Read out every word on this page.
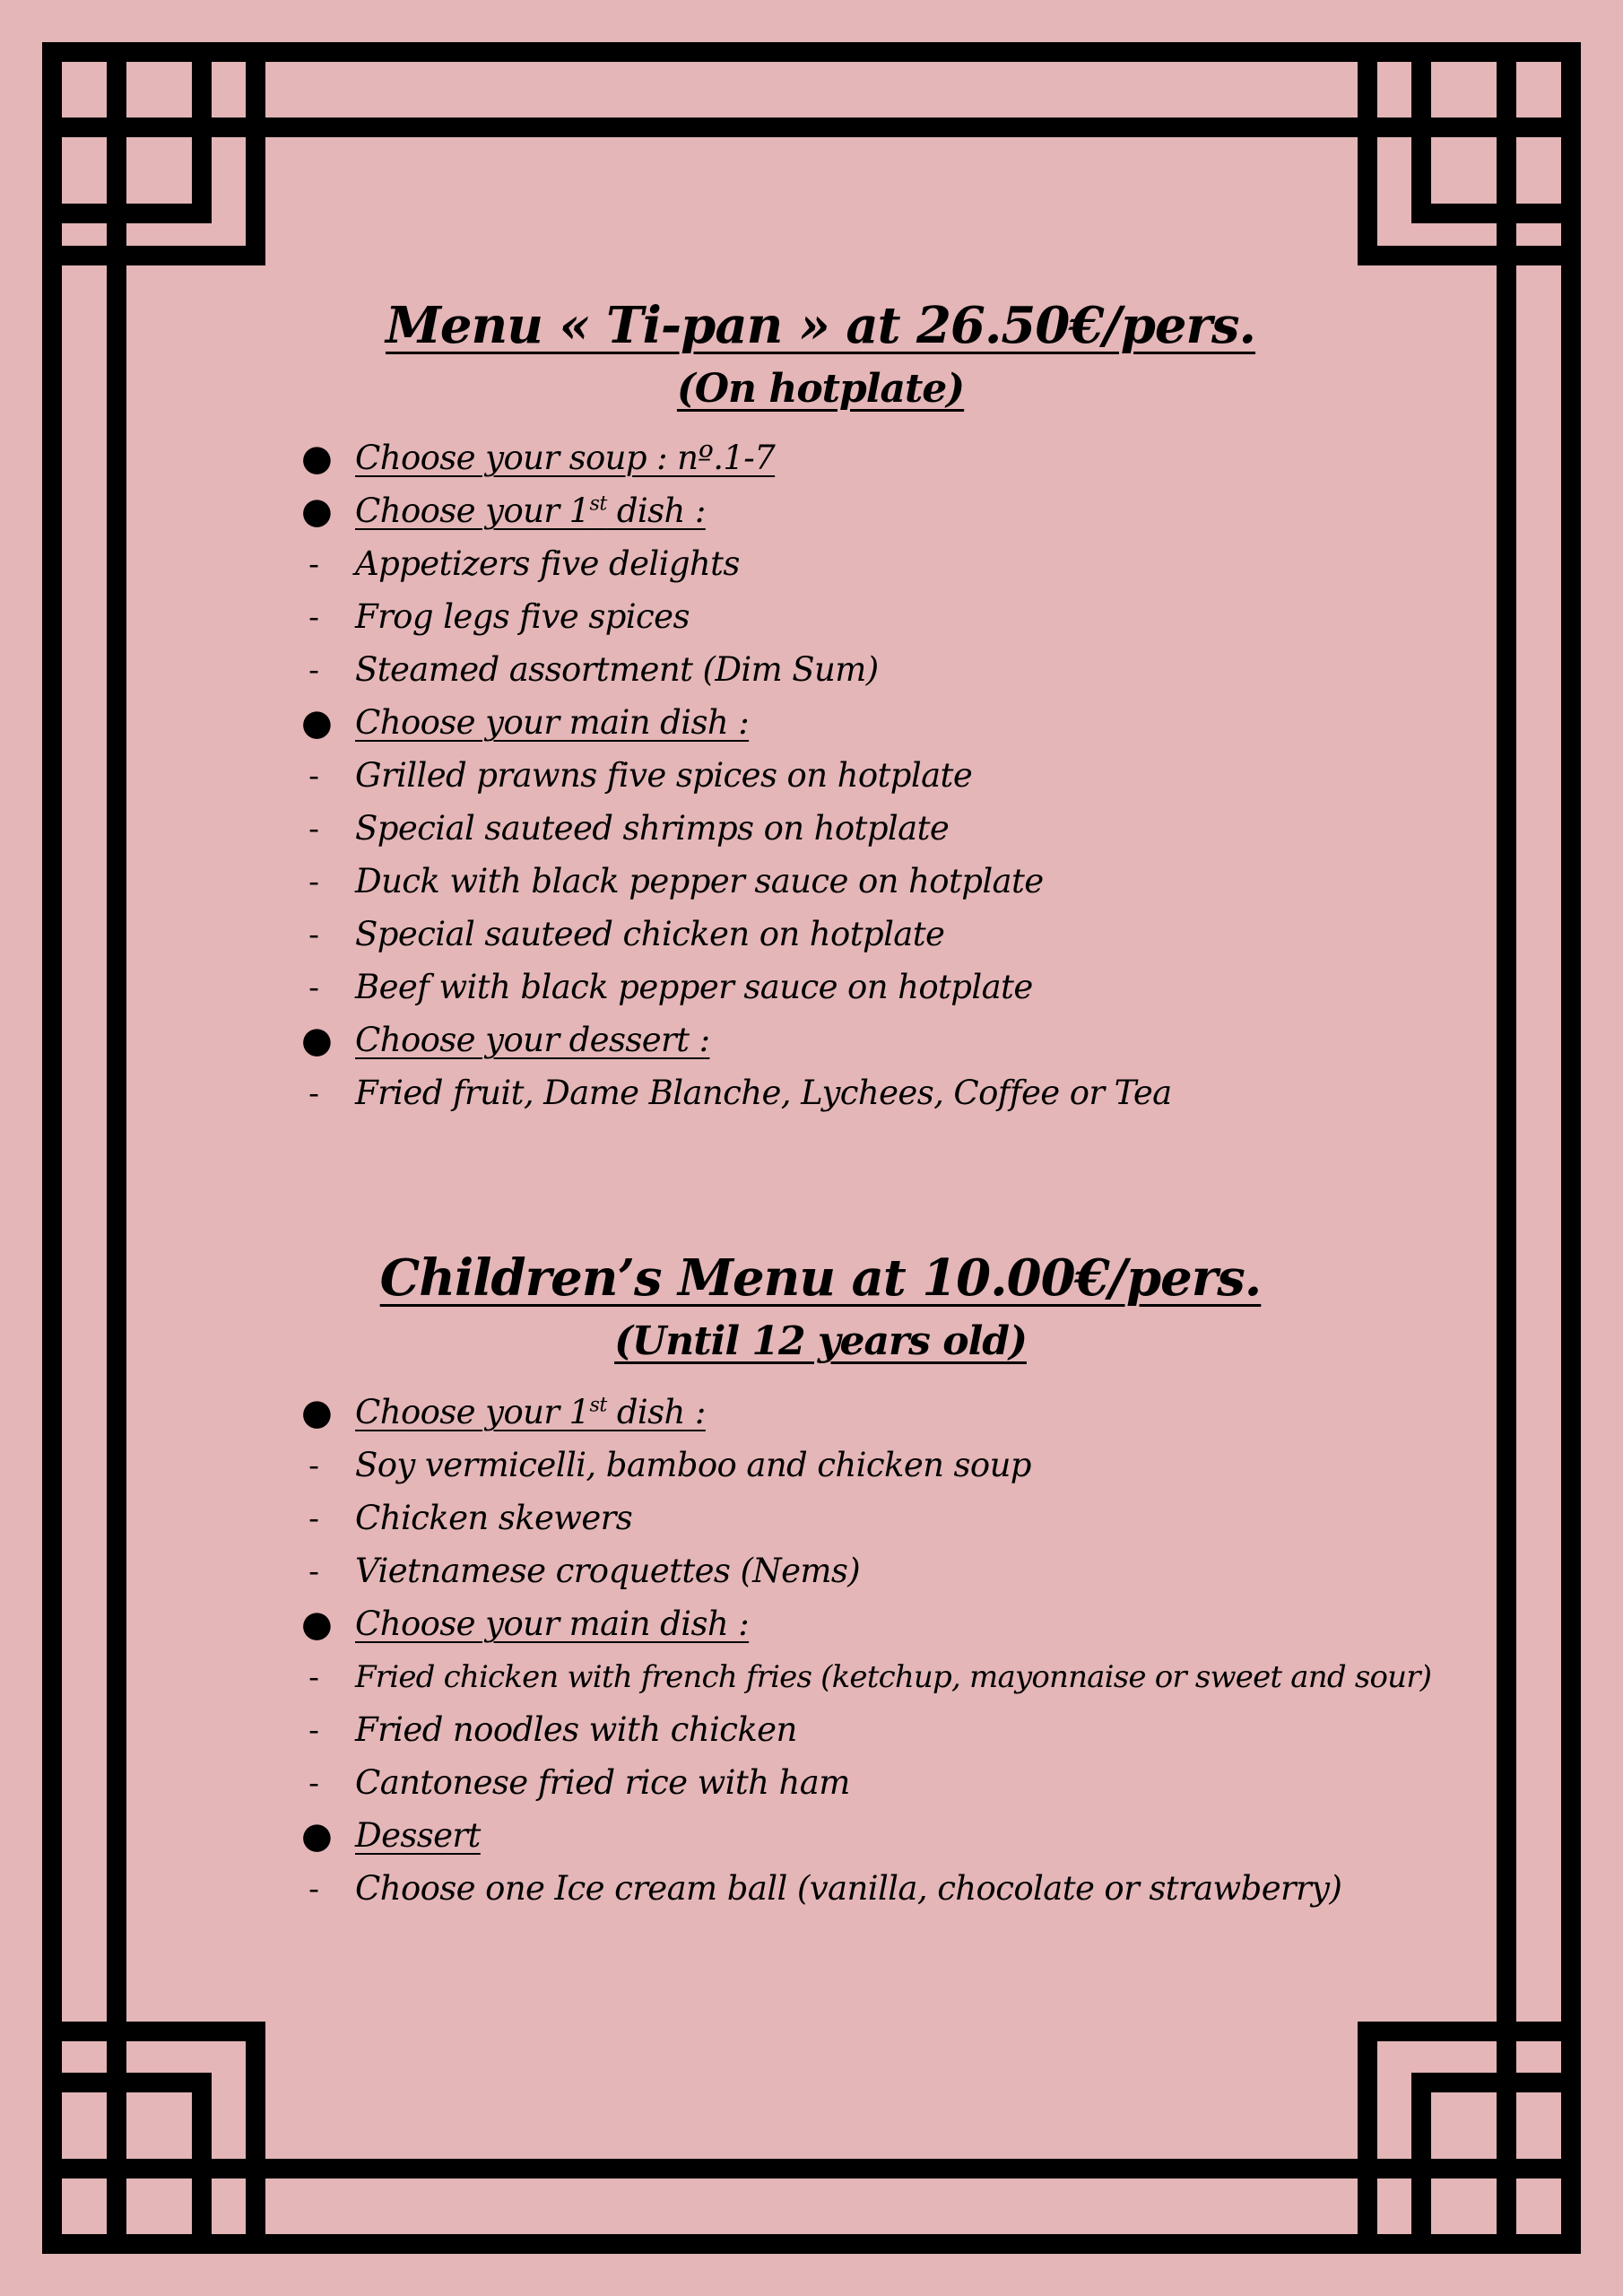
Menu « Ti-pan » at 26.50€/pers.
(On hotplate)
● Choose your soup : nº.1-7
● Choose your 1st dish :
- Appetizers five delights
- Frog legs five spices
- Steamed assortment (Dim Sum)
● Choose your main dish :
- Grilled prawns five spices on hotplate
- Special sauteed shrimps on hotplate
- Duck with black pepper sauce on hotplate
- Special sauteed chicken on hotplate
- Beef with black pepper sauce on hotplate
● Choose your dessert :
- Fried fruit, Dame Blanche, Lychees, Coffee or Tea
Children’s Menu at 10.00€/pers.
(Until 12 years old)
● Choose your 1st dish :
- Soy vermicelli, bamboo and chicken soup
- Chicken skewers
- Vietnamese croquettes (Nems)
● Choose your main dish :
- Fried chicken with french fries (ketchup, mayonnaise or sweet and sour)
- Fried noodles with chicken
- Cantonese fried rice with ham
● Dessert
- Choose one Ice cream ball (vanilla, chocolate or strawberry)
